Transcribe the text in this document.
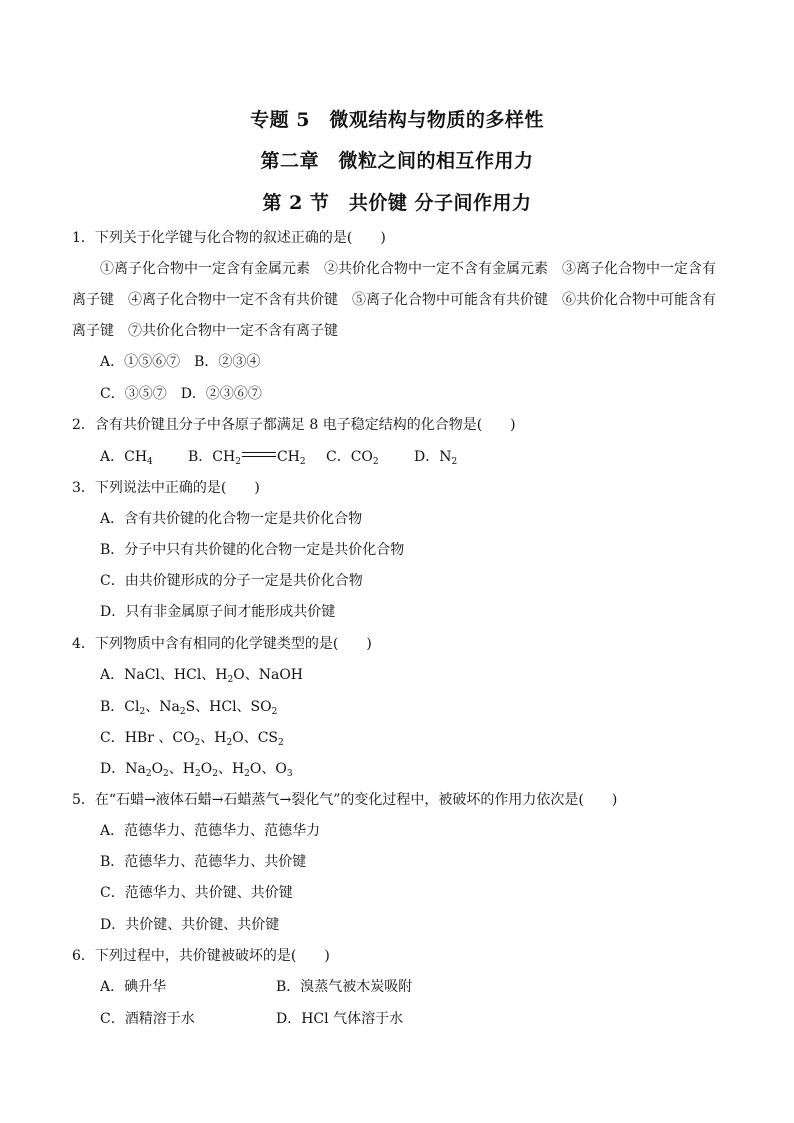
专题 5　微观结构与物质的多样性
第二章　微粒之间的相互作用力
第 2 节　共价键 分子间作用力
1．下列关于化学键与化合物的叙述正确的是(　　)
①离子化合物中一定含有金属元素　②共价化合物中一定不含有金属元素　③离子化合物中一定含有
离子键　④离子化合物中一定不含有共价键　⑤离子化合物中可能含有共价键　⑥共价化合物中可能含有
离子键　⑦共价化合物中一定不含有离子键
A．①⑤⑥⑦　B．②③④
C．③⑤⑦　D．②③⑥⑦
2．含有共价键且分子中各原子都满足 8 电子稳定结构的化合物是(　　)
A．$CH_4$	B．$CH_2$	$CH_2$ C．$CO_2$	D．$N_2$
3．下列说法中正确的是(　　)
A．含有共价键的化合物一定是共价化合物
B．分子中只有共价键的化合物一定是共价化合物
C．由共价键形成的分子一定是共价化合物
D．只有非金属原子间才能形成共价键
4．下列物质中含有相同的化学键类型的是(　　)
A．NaCl、HCl、$H_2O$、NaOH
B．$Cl_2$、$Na_2S$、HCl、$SO_2$
C．HBr 、$CO_2$、$H_2O$、$CS_2$
D．$Na_2O_2$、$H_2O_2$、$H_2O$、$O_3$
5．在“石蜡→液体石蜡→石蜡蒸气→裂化气”的变化过程中，被破坏的作用力依次是(　　)
A．范德华力、范德华力、范德华力
B．范德华力、范德华力、共价键
C．范德华力、共价键、共价键
D．共价键、共价键、共价键
6．下列过程中，共价键被破坏的是(　　)
A．碘升华	B．溴蒸气被木炭吸附
C．酒精溶于水	D．HCl 气体溶于水
